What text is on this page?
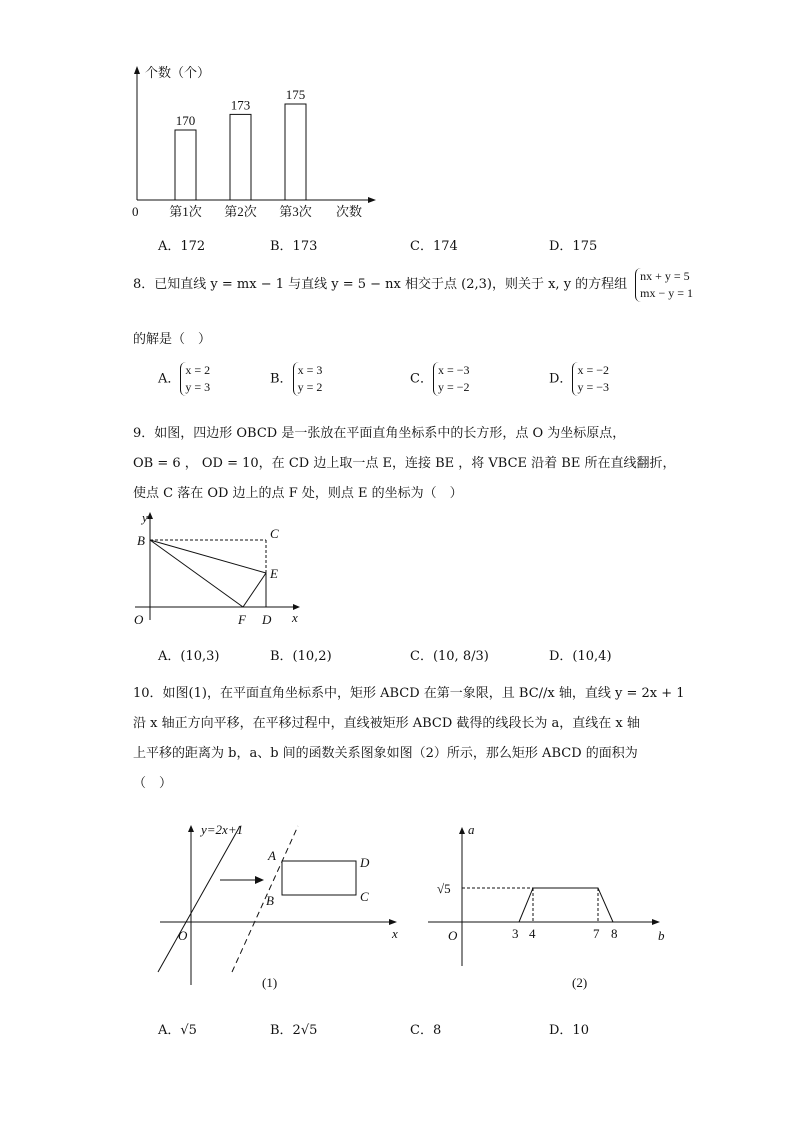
170
第1次
173
第2次
175
第3次
个数（个）
0	次数
A．172	B．173	C．174	D．175
8．已知直线 y = mx − 1 与直线 y = 5 − nx 相交于点 (2,3)，则关于 x, y 的方程组
nx + y = 5
mx − y = 1
的解是（　）
A．x = 2
y = 3
B．x = 3
y = 2
C．x = −3
y = −2
D．x = −2
y = −3
9．如图，四边形 OBCD 是一张放在平面直角坐标系中的长方形，点 O 为坐标原点，
OB = 6 ， OD = 10，在 CD 边上取一点 E，连接 BE ，将 VBCE 沿着 BE 所在直线翻折，
使点 C 落在 OD 边上的点 F 处，则点 E 的坐标为（　）
y
x
O
B	C
D
E
F
A．(10,3)	B．(10,2)	C．(10, 8/3)	D．(10,4)
10．如图(1)，在平面直角坐标系中，矩形 ABCD 在第一象限，且 BC//x 轴，直线 y = 2x + 1
沿 x 轴正方向平移，在平移过程中，直线被矩形 ABCD 截得的线段长为 a，直线在 x 轴
上平移的距离为 b，a、b 间的函数关系图象如图（2）所示，那么矩形 ABCD 的面积为
（　）
y=2x+1
x
O
A
B	C
D
(1)
a
b
O
√5
3 4	7 8
(2)
A．√5	B．2√5	C．8	D．10
